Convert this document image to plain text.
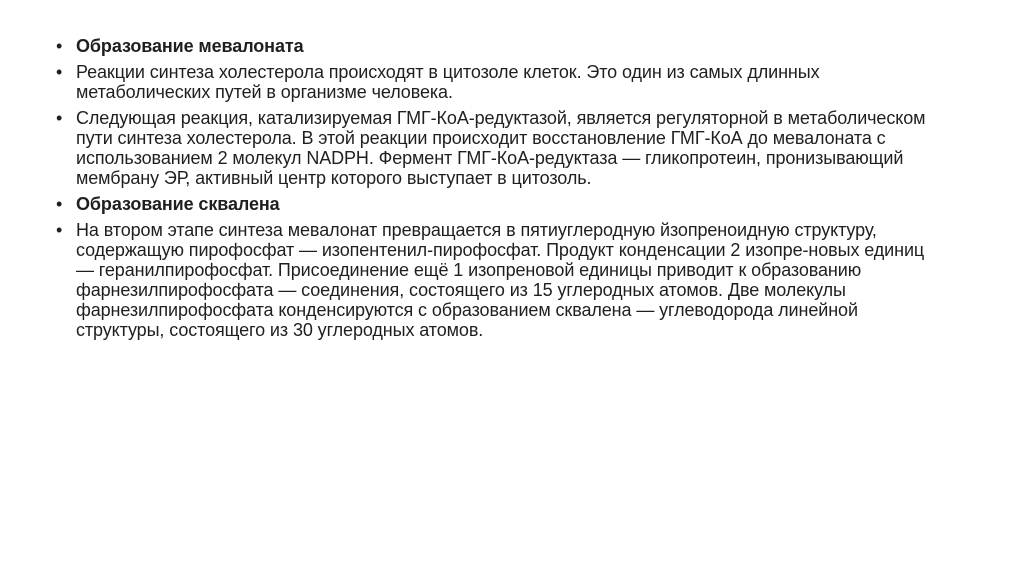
• Образование мевалоната
• Реакции синтеза холестерола происходят в цитозоле клеток. Это один из самых длинных метаболических путей в организме человека.
• Следующая реакция, катализируемая ГМГ-КоА-редуктазой, является регуляторной в метаболическом пути синтеза холестерола. В этой реакции происходит восстановление ГМГ-КоА до мевалоната с использованием 2 молекул NADPH. Фермент ГМГ-КоА-редуктаза — гликопротеин, пронизывающий мембрану ЭР, активный центр которого выступает в цитозоль.
• Образование сквалена
• На втором этапе синтеза мевалонат превращается в пятиуглеродную йзопреноидную структуру, содержащую пирофосфат — изопентенил-пирофосфат. Продукт конденсации 2 изопре-новых единиц — геранилпирофосфат. Присоединение ещё 1 изопреновой единицы приводит к образованию фарнезилпирофосфата — соединения, состоящего из 15 углеродных атомов. Две молекулы фарнезилпирофосфата конденсируются с образованием сквалена — углеводорода линейной структуры, состоящего из 30 углеродных атомов.
